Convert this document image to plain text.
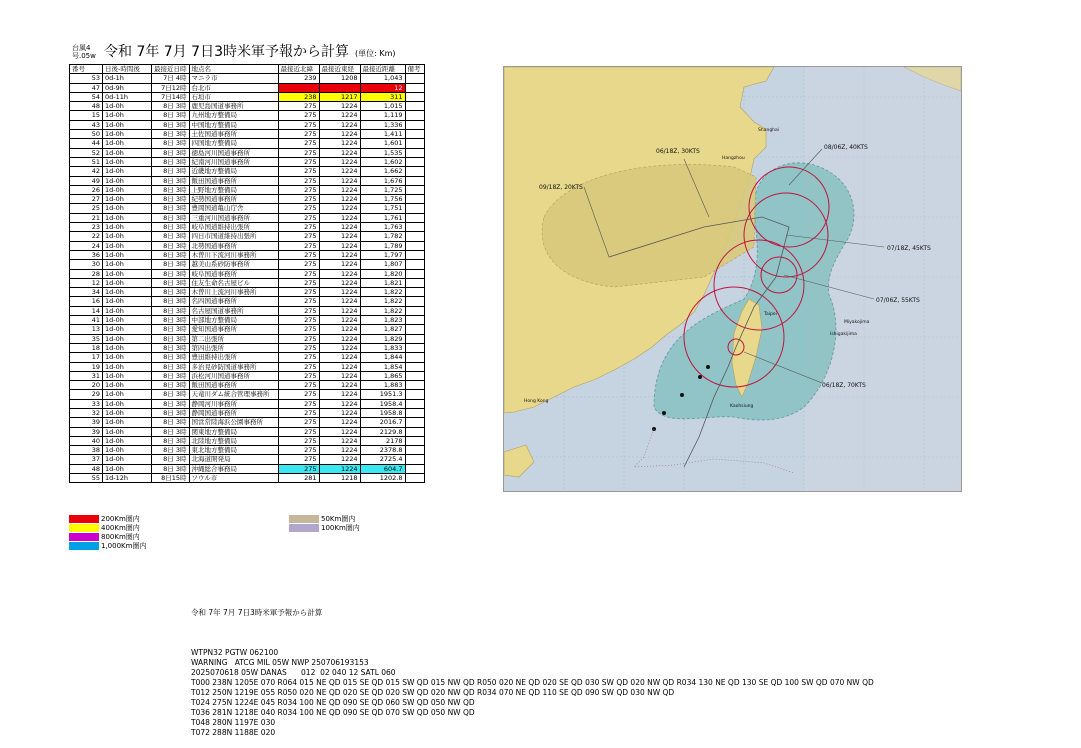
台風4
号.05w 令和 7年 7月 7日3時米軍予報から計算 (単位: Km)
番号	日後-時間後	最接近日時	地点名	最接近北緯	最接近東経	最接近距離	備考
53	0d-1h	7日 4時	マニラ市	239	1208	1,043	
47	0d-9h	7日12時	台北市			12	
54	0d-11h	7日14時	石垣市	238	1217	311	
48	1d-0h	8日 3時	鹿児島国道事務所	275	1224	1,015	
15	1d-0h	8日 3時	九州地方整備局	275	1224	1,119	
43	1d-0h	8日 3時	中国地方整備局	275	1224	1,336	
50	1d-0h	8日 3時	土佐国道事務所	275	1224	1,411	
44	1d-0h	8日 3時	四国地方整備局	275	1224	1,601	
52	1d-0h	8日 3時	徳島河川国道事務所	275	1224	1,535	
51	1d-0h	8日 3時	紀南河川国道事務所	275	1224	1,602	
42	1d-0h	8日 3時	近畿地方整備局	275	1224	1,662	
49	1d-0h	8日 3時	飯田国道事務所	275	1224	1,676	
26	1d-0h	8日 3時	上野地方整備局	275	1224	1,725	
27	1d-0h	8日 3時	紀勢国道事務所	275	1224	1,756	
25	1d-0h	8日 3時	豊岡国道亀山庁舎	275	1224	1,751	
21	1d-0h	8日 3時	三重河川国道事務所	275	1224	1,761	
23	1d-0h	8日 3時	岐阜国道維持出張所	275	1224	1,763	
22	1d-0h	8日 3時	四日市国道維持出張所	275	1224	1,782	
24	1d-0h	8日 3時	北勢国道事務所	275	1224	1,789	
36	1d-0h	8日 3時	木曽川下流河川事務所	275	1224	1,797	
30	1d-0h	8日 3時	越美山系砂防事務所	275	1224	1,807	
28	1d-0h	8日 3時	岐阜国道事務所	275	1224	1,820	
12	1d-0h	8日 3時	住友生命名古屋ビル	275	1224	1,821	
34	1d-0h	8日 3時	木曽川上流河川事務所	275	1224	1,822	
16	1d-0h	8日 3時	名四国道事務所	275	1224	1,822	
14	1d-0h	8日 3時	名古屋国道事務所	275	1224	1,822	
41	1d-0h	8日 3時	中部地方整備局	275	1224	1,823	
13	1d-0h	8日 3時	愛知国道事務所	275	1224	1,827	
35	1d-0h	8日 3時	第二出張所	275	1224	1,829	
18	1d-0h	8日 3時	第四出張所	275	1224	1,833	
17	1d-0h	8日 3時	豊田維持出張所	275	1224	1,844	
19	1d-0h	8日 3時	多治見砂防国道事務所	275	1224	1,854	
31	1d-0h	8日 3時	浜松河川国道事務所	275	1224	1,865	
20	1d-0h	8日 3時	飯田国道事務所	275	1224	1,883	
29	1d-0h	8日 3時	天竜川ダム統合管理事務所	275	1224	1951.3	
33	1d-0h	8日 3時	静岡河川事務所	275	1224	1958.4	
32	1d-0h	8日 3時	静岡国道事務所	275	1224	1958.8	
39	1d-0h	8日 3時	国営常陸海浜公園事務所	275	1224	2016.7	
39	1d-0h	8日 3時	関東地方整備局	275	1224	2129.8	
40	1d-0h	8日 3時	北陸地方整備局	275	1224	2178	
38	1d-0h	8日 3時	東北地方整備局	275	1224	2378.8	
37	1d-0h	8日 3時	北海道開発局	275	1224	2725.4	
48	1d-0h	8日 3時	沖縄総合事務局	275	1224	604.7	
55	1d-12h	8日15時	ソウル市	281	1218	1202.8	
200Km圏内
400Km圏内
800Km圏内
1,000Km圏内
50Km圏内
100Km圏内
06/18Z, 30KTS
09/18Z, 20KTS
08/06Z, 40KTS
07/18Z, 45KTS
07/06Z, 55KTS
06/18Z, 70KTS
Shanghai
Taipei
Kaohsiung
Hangzhou
Hong Kong
Miyakojima
Ishigakijima

令和 7年 7月 7日3時米軍予報から計算

WTPN32 PGTW 062100
WARNING   ATCG MIL 05W NWP 250706193153
2025070618 05W DANAS      012  02 040 12 SATL 060
T000 238N 1205E 070 R064 015 NE QD 015 SE QD 015 SW QD 015 NW QD R050 020 NE QD 020 SE QD 030 SW QD 020 NW QD R034 130 NE QD 130 SE QD 100 SW QD 070 NW QD
T012 250N 1219E 055 R050 020 NE QD 020 SE QD 020 SW QD 020 NW QD R034 070 NE QD 110 SE QD 090 SW QD 030 NW QD
T024 275N 1224E 045 R034 100 NE QD 090 SE QD 060 SW QD 050 NW QD
T036 281N 1218E 040 R034 100 NE QD 090 SE QD 070 SW QD 050 NW QD
T048 280N 1197E 030
T072 288N 1188E 020
